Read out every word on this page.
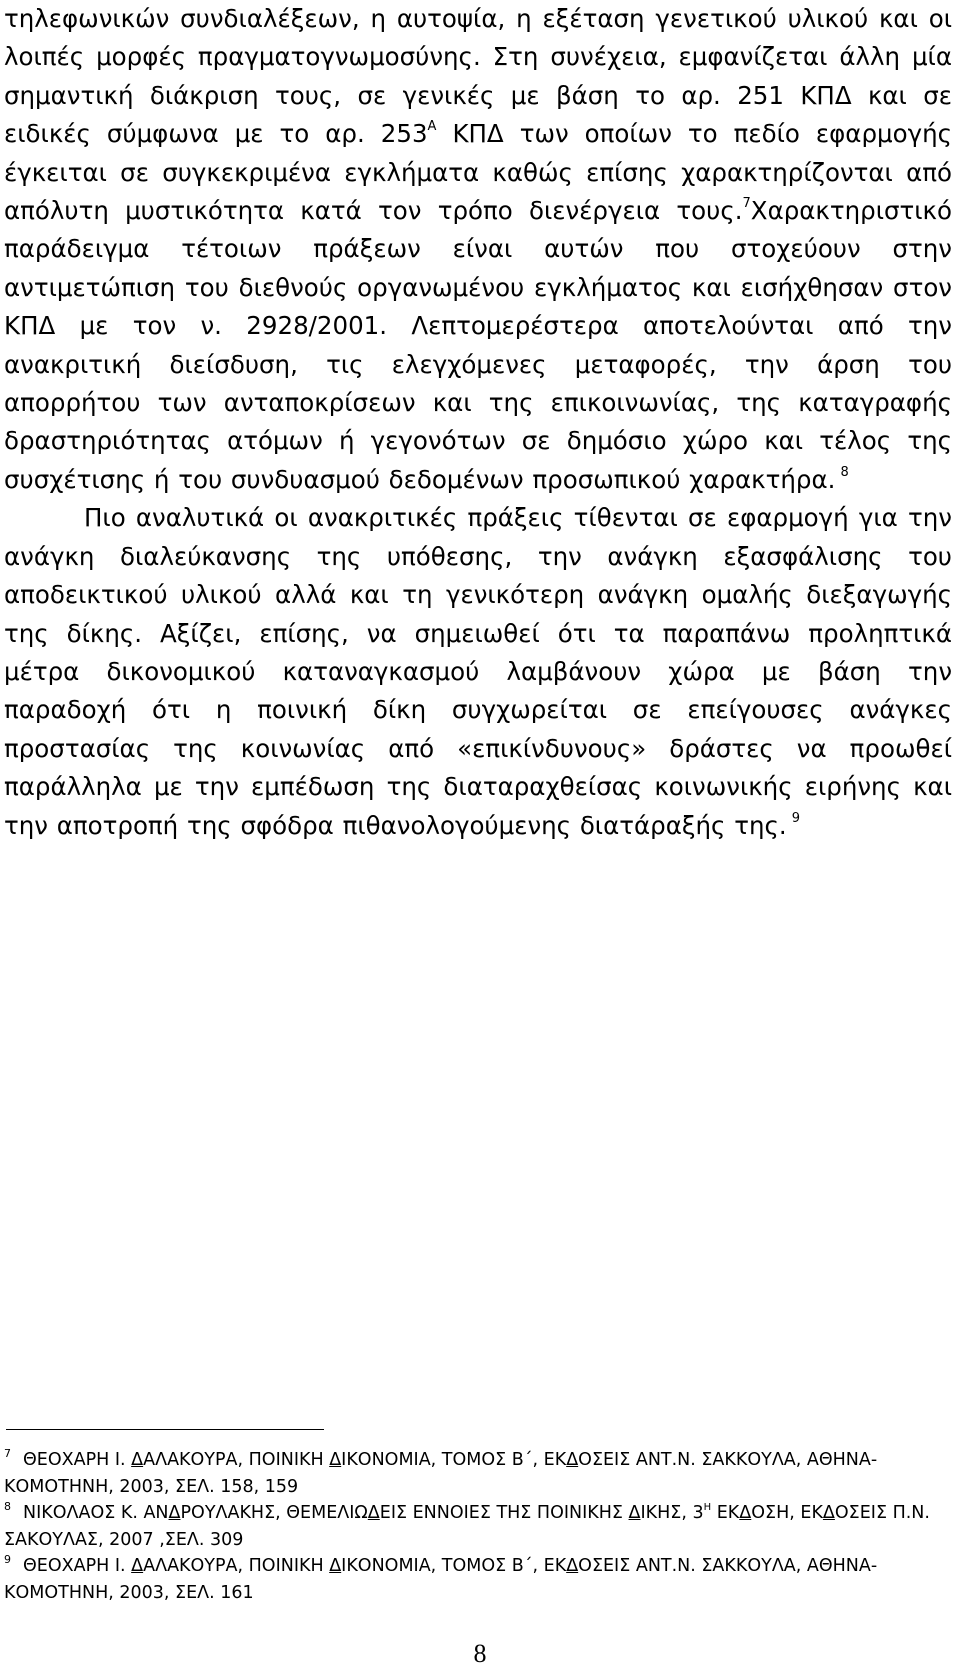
τηλεφωνικών συνδιαλέξεων, η αυτοψία, η εξέταση γενετικού υλικού και οι λοιπές μορφές πραγματογνωμοσύνης. Στη συνέχεια, εμφανίζεται άλλη μία σημαντική διάκριση τους, σε γενικές με βάση το αρ. 251 ΚΠΔ και σε ειδικές σύμφωνα με το αρ. $253^A$ ΚΠΔ των οποίων το πεδίο εφαρμογής έγκειται σε συγκεκριμένα εγκλήματα καθώς επίσης χαρακτηρίζονται από απόλυτη μυστικότητα κατά τον τρόπο διενέργεια τους.$^7$Χαρακτηριστικό παράδειγμα τέτοιων πράξεων είναι αυτών που στοχεύουν στην αντιμετώπιση του διεθνούς οργανωμένου εγκλήματος και εισήχθησαν στον ΚΠΔ με τον ν. 2928/2001. Λεπτομερέστερα αποτελούνται από την ανακριτική διείσδυση, τις ελεγχόμενες μεταφορές, την άρση του απορρήτου των ανταποκρίσεων και της επικοινωνίας, της καταγραφής δραστηριότητας ατόμων ή γεγονότων σε δημόσιο χώρο και τέλος της συσχέτισης ή του συνδυασμού δεδομένων προσωπικού χαρακτήρα. $^8$

Πιο αναλυτικά οι ανακριτικές πράξεις τίθενται σε εφαρμογή για την ανάγκη διαλεύκανσης της υπόθεσης, την ανάγκη εξασφάλισης του αποδεικτικού υλικού αλλά και τη γενικότερη ανάγκη ομαλής διεξαγωγής της δίκης. Αξίζει, επίσης, να σημειωθεί ότι τα παραπάνω προληπτικά μέτρα δικονομικού καταναγκασμού λαμβάνουν χώρα με βάση την παραδοχή ότι η ποινική δίκη συγχωρείται σε επείγουσες ανάγκες προστασίας της κοινωνίας από «επικίνδυνους» δράστες να προωθεί παράλληλα με την εμπέδωση της διαταραχθείσας κοινωνικής ειρήνης και την αποτροπή της σφόδρα πιθανολογούμενης διατάραξής της. $^9$

$^7$ ΘΕΟΧΑΡΗ Ι. ΔΑΛΑΚΟΥΡΑ, ΠΟΙΝΙΚΗ ΔΙΚΟΝΟΜΙΑ, ΤΟΜΟΣ Β΄, ΕΚΔΟΣΕΙΣ ΑΝΤ.Ν. ΣΑΚΚΟΥΛΑ, ΑΘΗΝΑ-ΚΟΜΟΤΗΝΗ, 2003, ΣΕΛ. 158, 159

$^8$ ΝΙΚΟΛΑΟΣ Κ. ΑΝΔΡΟΥΛΑΚΗΣ, ΘΕΜΕΛΙΩΔΕΙΣ ΕΝΝΟΙΕΣ ΤΗΣ ΠΟΙΝΙΚΗΣ ΔΙΚΗΣ, 3$^H$ ΕΚΔΟΣΗ, ΕΚΔΟΣΕΙΣ Π.Ν. ΣΑΚΟΥΛΑΣ, 2007 ,ΣΕΛ. 309

$^9$ ΘΕΟΧΑΡΗ Ι. ΔΑΛΑΚΟΥΡΑ, ΠΟΙΝΙΚΗ ΔΙΚΟΝΟΜΙΑ, ΤΟΜΟΣ Β΄, ΕΚΔΟΣΕΙΣ ΑΝΤ.Ν. ΣΑΚΚΟΥΛΑ, ΑΘΗΝΑ-ΚΟΜΟΤΗΝΗ, 2003, ΣΕΛ. 161

8
